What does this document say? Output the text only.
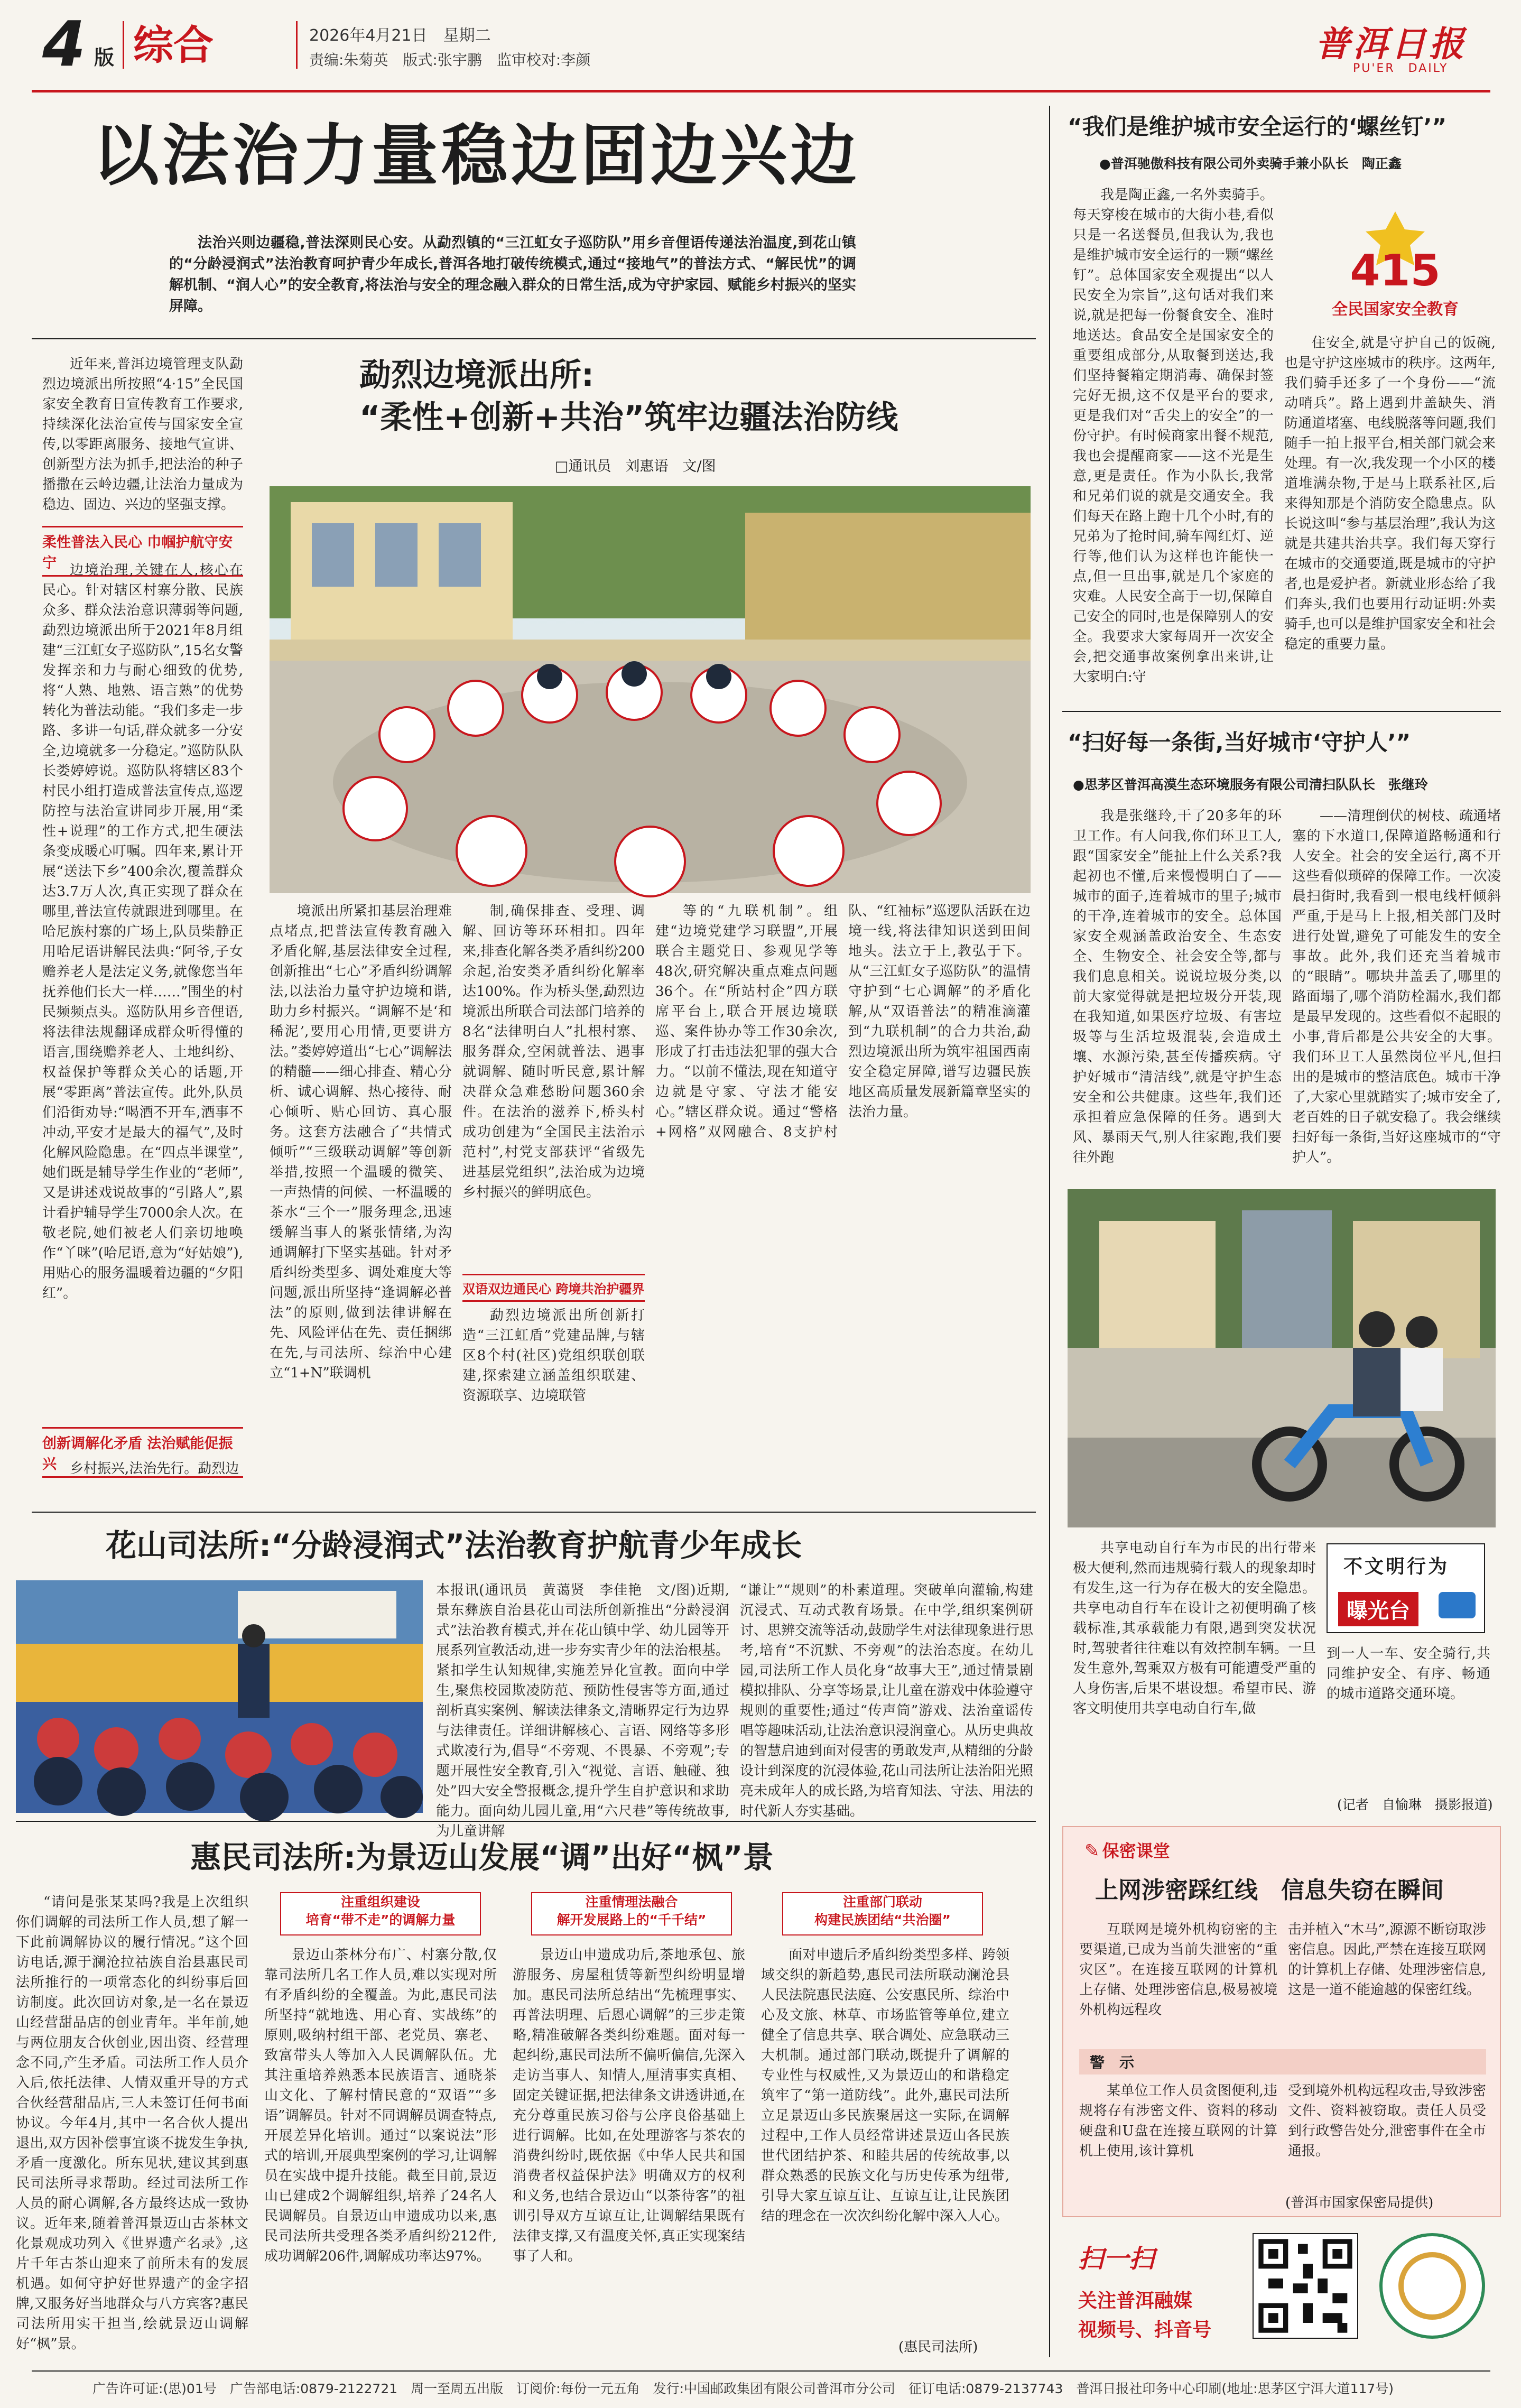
4 版 综合	2026年4月21日　星期二
责编:朱菊英　版式:张宇鹏　监审校对:李颜	普洱日报
PU'ER　DAILY
以法治力量稳边固边兴边
法治兴则边疆稳,普法深则民心安。从勐烈镇的“三江虹女子巡防队”用乡音俚语传递法治温度,到花山镇的“分龄浸润式”法治教育呵护青少年成长,普洱各地打破传统模式,通过“接地气”的普法方式、“解民忧”的调解机制、“润人心”的安全教育,将法治与安全的理念融入群众的日常生活,成为守护家园、赋能乡村振兴的坚实屏障。
近年来,普洱边境管理支队勐烈边境派出所按照“4·15”全民国家安全教育日宣传教育工作要求,持续深化法治宣传与国家安全宣传,以零距离服务、接地气宣讲、创新型方法为抓手,把法治的种子播撒在云岭边疆,让法治力量成为稳边、固边、兴边的坚强支撑。
柔性普法入民心 巾帼护航守安宁 边境治理,关键在人,核心在民心。针对辖区村寨分散、民族众多、群众法治意识薄弱等问题,勐烈边境派出所于2021年8月组建“三江虹女子巡防队”,15名女警发挥亲和力与耐心细致的优势,将“人熟、地熟、语言熟”的优势转化为普法动能。“我们多走一步路、多讲一句话,群众就多一分安全,边境就多一分稳定。”巡防队队长娄婷婷说。巡防队将辖区83个村民小组打造成普法宣传点,巡逻防控与法治宣讲同步开展,用“柔性+说理”的工作方式,把生硬法条变成暖心叮嘱。四年来,累计开展“送法下乡”400余次,覆盖群众达3.7万人次,真正实现了群众在哪里,普法宣传就跟进到哪里。在哈尼族村寨的广场上,队员柴静正用哈尼语讲解民法典:“阿爷,子女赡养老人是法定义务,就像您当年抚养他们长大一样……”围坐的村民频频点头。巡防队用乡音俚语,将法律法规翻译成群众听得懂的语言,围绕赡养老人、土地纠纷、权益保护等群众关心的话题,开展“零距离”普法宣传。此外,队员们沿街劝导:“喝酒不开车,酒事不冲动,平安才是最大的福气”,及时化解风险隐患。在“四点半课堂”,她们既是辅导学生作业的“老师”,又是讲述戏说故事的“引路人”,累计看护辅导学生7000余人次。在敬老院,她们被老人们亲切地唤作“丫咪”(哈尼语,意为“好姑娘”),用贴心的服务温暖着边疆的“夕阳红”。
创新调解化矛盾 法治赋能促振兴 乡村振兴,法治先行。勐烈边
勐烈边境派出所:
“柔性+创新+共治”筑牢边疆法治防线
□通讯员　刘惠语　文/图
境派出所紧扣基层治理难点堵点,把普法宣传教育融入矛盾化解,基层法律安全过程,创新推出“七心”矛盾纠纷调解法,以法治力量守护边境和谐,助力乡村振兴。“调解不是‘和稀泥’,要用心用情,更要讲方法。”娄婷婷道出“七心”调解法的精髓——细心排查、精心分析、诚心调解、热心接待、耐心倾听、贴心回访、真心服务。这套方法融合了“共情式倾听”“三级联动调解”等创新举措,按照一个温暖的微笑、一声热情的问候、一杯温暖的茶水“三个一”服务理念,迅速缓解当事人的紧张情绪,为沟通调解打下坚实基础。针对矛盾纠纷类型多、调处难度大等问题,派出所坚持“逢调解必普法”的原则,做到法律讲解在先、风险评估在先、责任捆绑在先,与司法所、综治中心建立“1+N”联调机
制,确保排查、受理、调解、回访等环环相扣。四年来,排查化解各类矛盾纠纷200余起,治安类矛盾纠纷化解率达100%。作为桥头堡,勐烈边境派出所联合司法部门培养的8名“法律明白人”扎根村寨、服务群众,空闲就普法、遇事就调解、随时听民意,累计解决群众急难愁盼问题360余件。在法治的滋养下,桥头村成功创建为“全国民主法治示范村”,村党支部获评“省级先进基层党组织”,法治成为边境乡村振兴的鲜明底色。
双语双边通民心 跨境共治护疆界
勐烈边境派出所创新打造“三江虹盾”党建品牌,与辖区8个村(社区)党组织联创联建,探索建立涵盖组织联建、资源联享、边境联管
等的“九联机制”。组建“边境党建学习联盟”,开展联合主题党日、参观见学等48次,研究解决重点难点问题36个。在“所站村企”四方联席平台上,联合开展边境联巡、案件协办等工作30余次,形成了打击违法犯罪的强大合力。“以前不懂法,现在知道守边就是守家、守法才能安心。”辖区群众说。通过“警格+网格”双网融合、8支护村队、“红袖标”巡逻队活跃在边境一线,将法律知识送到田间地头。法立于上,教弘于下。从“三江虹女子巡防队”的温情守护到“七心调解”的矛盾化解,从“双语普法”的精准滴灌到“九联机制”的合力共治,勐烈边境派出所为筑牢祖国西南安全稳定屏障,谱写边疆民族地区高质量发展新篇章坚实的法治力量。
花山司法所:“分龄浸润式”法治教育护航青少年成长
本报讯(通讯员　黄蔼贤　李佳艳　文/图)近期,景东彝族自治县花山司法所创新推出“分龄浸润式”法治教育模式,并在花山镇中学、幼儿园等开展系列宣教活动,进一步夯实青少年的法治根基。紧扣学生认知规律,实施差异化宣教。面向中学生,聚焦校园欺凌防范、预防性侵害等方面,通过剖析真实案例、解读法律条文,清晰界定行为边界与法律责任。详细讲解核心、言语、网络等多形式欺凌行为,倡导“不旁观、不畏暴、不旁观”;专题开展性安全教育,引入“视觉、言语、触碰、独处”四大安全警报概念,提升学生自护意识和求助能力。面向幼儿园儿童,用“六尺巷”等传统故事,为儿童讲解
“谦让”“规则”的朴素道理。突破单向灌输,构建沉浸式、互动式教育场景。在中学,组织案例研讨、思辨交流等活动,鼓励学生对法律现象进行思考,培育“不沉默、不旁观”的法治态度。在幼儿园,司法所工作人员化身“故事大王”,通过情景剧模拟排队、分享等场景,让儿童在游戏中体验遵守规则的重要性;通过“传声筒”游戏、法治童谣传唱等趣味活动,让法治意识浸润童心。从历史典故的智慧启迪到面对侵害的勇敢发声,从精细的分龄设计到深度的沉浸体验,花山司法所让法治阳光照亮未成年人的成长路,为培育知法、守法、用法的时代新人夯实基础。
惠民司法所:为景迈山发展“调”出好“枫”景
“请问是张某某吗?我是上次组织你们调解的司法所工作人员,想了解一下此前调解协议的履行情况。”这个回访电话,源于澜沧拉祜族自治县惠民司法所推行的一项常态化的纠纷事后回访制度。此次回访对象,是一名在景迈山经营甜品店的创业青年。半年前,她与两位朋友合伙创业,因出资、经营理念不同,产生矛盾。司法所工作人员介入后,依托法律、人情双重开导的方式合伙经营甜品店,三人未签订任何书面协议。今年4月,其中一名合伙人提出退出,双方因补偿事宜谈不拢发生争执,矛盾一度激化。所东见状,建议其到惠民司法所寻求帮助。经过司法所工作人员的耐心调解,各方最终达成一致协议。近年来,随着普洱景迈山古茶林文化景观成功列入《世界遗产名录》,这片千年古茶山迎来了前所未有的发展机遇。如何守护好世界遗产的金字招牌,又服务好当地群众与八方宾客?惠民司法所用实干担当,绘就景迈山调解好“枫”景。
注重组织建设
培育“带不走”的调解力量
景迈山茶林分布广、村寨分散,仅靠司法所几名工作人员,难以实现对所有矛盾纠纷的全覆盖。为此,惠民司法所坚持“就地选、用心育、实战练”的原则,吸纳村组干部、老党员、寨老、致富带头人等加入人民调解队伍。尤其注重培养熟悉本民族语言、通晓茶山文化、了解村情民意的“双语”“多语”调解员。针对不同调解员调查特点,开展差异化培训。通过“以案说法”形式的培训,开展典型案例的学习,让调解员在实战中提升技能。截至目前,景迈山已建成2个调解组织,培养了24名人民调解员。自景迈山申遗成功以来,惠民司法所共受理各类矛盾纠纷212件,成功调解206件,调解成功率达97%。
注重情理法融合
解开发展路上的“千千结”
景迈山申遗成功后,茶地承包、旅游服务、房屋租赁等新型纠纷明显增加。惠民司法所总结出“先梳理事实、再普法明理、后恩心调解”的三步走策略,精准破解各类纠纷难题。面对每一起纠纷,惠民司法所不偏听偏信,先深入走访当事人、知情人,厘清事实真相、固定关键证据,把法律条文讲透讲通,在充分尊重民族习俗与公序良俗基础上进行调解。比如,在处理游客与茶农的消费纠纷时,既依据《中华人民共和国消费者权益保护法》明确双方的权利和义务,也结合景迈山“以茶待客”的祖训引导双方互谅互让,让调解结果既有法律支撑,又有温度关怀,真正实现案结事了人和。
注重部门联动
构建民族团结“共治圈”
面对申遗后矛盾纠纷类型多样、跨领域交织的新趋势,惠民司法所联动澜沧县人民法院惠民法庭、公安惠民所、综治中心及文旅、林草、市场监管等单位,建立健全了信息共享、联合调处、应急联动三大机制。通过部门联动,既提升了调解的专业性与权威性,又为景迈山的和谐稳定筑牢了“第一道防线”。此外,惠民司法所立足景迈山多民族聚居这一实际,在调解过程中,工作人员经常讲述景迈山各民族世代团结护茶、和睦共居的传统故事,以群众熟悉的民族文化与历史传承为纽带,引导大家互谅互让、互谅互让,让民族团结的理念在一次次纠纷化解中深入人心。
(惠民司法所)
“我们是维护城市安全运行的‘螺丝钉’”
●普洱驰傲科技有限公司外卖骑手兼小队长　陶正鑫
我是陶正鑫,一名外卖骑手。每天穿梭在城市的大街小巷,看似只是一名送餐员,但我认为,我也是维护城市安全运行的一颗“螺丝钉”。总体国家安全观提出“以人民安全为宗旨”,这句话对我们来说,就是把每一份餐食安全、准时地送达。食品安全是国家安全的重要组成部分,从取餐到送达,我们坚持餐箱定期消毒、确保封签完好无损,这不仅是平台的要求,更是我们对“舌尖上的安全”的一份守护。有时候商家出餐不规范,我也会提醒商家——这不光是生意,更是责任。作为小队长,我常和兄弟们说的就是交通安全。我们每天在路上跑十几个小时,有的兄弟为了抢时间,骑车闯红灯、逆行等,他们认为这样也许能快一点,但一旦出事,就是几个家庭的灾难。人民安全高于一切,保障自己安全的同时,也是保障别人的安全。我要求大家每周开一次安全会,把交通事故案例拿出来讲,让大家明白:守
415
全民国家安全教育
住安全,就是守护自己的饭碗,也是守护这座城市的秩序。这两年,我们骑手还多了一个身份——“流动哨兵”。路上遇到井盖缺失、消防通道堵塞、电线脱落等问题,我们随手一拍上报平台,相关部门就会来处理。有一次,我发现一个小区的楼道堆满杂物,于是马上联系社区,后来得知那是个消防安全隐患点。队长说这叫“参与基层治理”,我认为这就是共建共治共享。我们每天穿行在城市的交通要道,既是城市的守护者,也是爱护者。新就业形态给了我们奔头,我们也要用行动证明:外卖骑手,也可以是维护国家安全和社会稳定的重要力量。
“扫好每一条街,当好城市‘守护人’”
●思茅区普洱高漠生态环境服务有限公司清扫队队长　张继玲
我是张继玲,干了20多年的环卫工作。有人问我,你们环卫工人,跟“国家安全”能扯上什么关系?我起初也不懂,后来慢慢明白了——城市的面子,连着城市的里子;城市的干净,连着城市的安全。总体国家安全观涵盖政治安全、生态安全、生物安全、社会安全等,都与我们息息相关。说说垃圾分类,以前大家觉得就是把垃圾分开装,现在我知道,如果医疗垃圾、有害垃圾等与生活垃圾混装,会造成土壤、水源污染,甚至传播疾病。守护好城市“清洁线”,就是守护生态安全和公共健康。这些年,我们还承担着应急保障的任务。遇到大风、暴雨天气,别人往家跑,我们要往外跑
——清理倒伏的树枝、疏通堵塞的下水道口,保障道路畅通和行人安全。社会的安全运行,离不开这些看似琐碎的保障工作。一次凌晨扫街时,我看到一根电线杆倾斜严重,于是马上上报,相关部门及时进行处置,避免了可能发生的安全事故。此外,我们还充当着城市的“眼睛”。哪块井盖丢了,哪里的路面塌了,哪个消防栓漏水,我们都是最早发现的。这些看似不起眼的小事,背后都是公共安全的大事。我们环卫工人虽然岗位平凡,但扫出的是城市的整洁底色。城市干净了,大家心里就踏实了;城市安全了,老百姓的日子就安稳了。我会继续扫好每一条街,当好这座城市的“守护人”。
共享电动自行车为市民的出行带来极大便利,然而违规骑行载人的现象却时有发生,这一行为存在极大的安全隐患。共享电动自行车在设计之初便明确了核载标准,其承载能力有限,遇到突发状况时,驾驶者往往难以有效控制车辆。一旦发生意外,驾乘双方极有可能遭受严重的人身伤害,后果不堪设想。希望市民、游客文明使用共享电动自行车,做
不文明行为
曝光台
到一人一车、安全骑行,共同维护安全、有序、畅通的城市道路交通环境。
(记者　自愉琳　摄影报道)
✎ 保密课堂
上网涉密踩红线　信息失窃在瞬间
互联网是境外机构窃密的主要渠道,已成为当前失泄密的“重灾区”。在连接互联网的计算机上存储、处理涉密信息,极易被境外机构远程攻
击并植入“木马”,源源不断窃取涉密信息。因此,严禁在连接互联网的计算机上存储、处理涉密信息,这是一道不能逾越的保密红线。
警　示
某单位工作人员贪图便利,违规将存有涉密文件、资料的移动硬盘和U盘在连接互联网的计算机上使用,该计算机
受到境外机构远程攻击,导致涉密文件、资料被窃取。责任人员受到行政警告处分,泄密事件在全市通报。
(普洱市国家保密局提供)
扫一扫
关注普洱融媒
视频号、抖音号
广告许可证:(思)01号　广告部电话:0879-2122721　周一至周五出版　订阅价:每份一元五角　发行:中国邮政集团有限公司普洱市分公司　征订电话:0879-2137743　普洱日报社印务中心印刷(地址:思茅区宁洱大道117号)
